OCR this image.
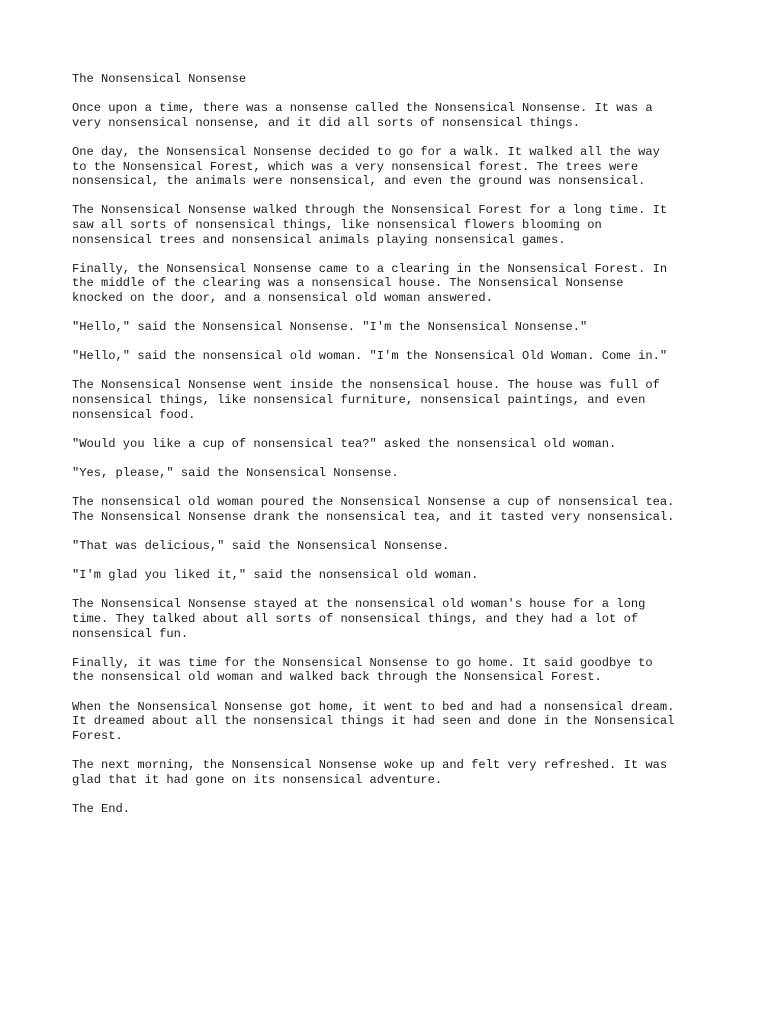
The Nonsensical Nonsense
Once upon a time, there was a nonsense called the Nonsensical Nonsense. It was a
very nonsensical nonsense, and it did all sorts of nonsensical things.
One day, the Nonsensical Nonsense decided to go for a walk. It walked all the way
to the Nonsensical Forest, which was a very nonsensical forest. The trees were
nonsensical, the animals were nonsensical, and even the ground was nonsensical.
The Nonsensical Nonsense walked through the Nonsensical Forest for a long time. It
saw all sorts of nonsensical things, like nonsensical flowers blooming on
nonsensical trees and nonsensical animals playing nonsensical games.
Finally, the Nonsensical Nonsense came to a clearing in the Nonsensical Forest. In
the middle of the clearing was a nonsensical house. The Nonsensical Nonsense
knocked on the door, and a nonsensical old woman answered.
"Hello," said the Nonsensical Nonsense. "I'm the Nonsensical Nonsense."
"Hello," said the nonsensical old woman. "I'm the Nonsensical Old Woman. Come in."
The Nonsensical Nonsense went inside the nonsensical house. The house was full of
nonsensical things, like nonsensical furniture, nonsensical paintings, and even
nonsensical food.
"Would you like a cup of nonsensical tea?" asked the nonsensical old woman.
"Yes, please," said the Nonsensical Nonsense.
The nonsensical old woman poured the Nonsensical Nonsense a cup of nonsensical tea.
The Nonsensical Nonsense drank the nonsensical tea, and it tasted very nonsensical.
"That was delicious," said the Nonsensical Nonsense.
"I'm glad you liked it," said the nonsensical old woman.
The Nonsensical Nonsense stayed at the nonsensical old woman's house for a long
time. They talked about all sorts of nonsensical things, and they had a lot of
nonsensical fun.
Finally, it was time for the Nonsensical Nonsense to go home. It said goodbye to
the nonsensical old woman and walked back through the Nonsensical Forest.
When the Nonsensical Nonsense got home, it went to bed and had a nonsensical dream.
It dreamed about all the nonsensical things it had seen and done in the Nonsensical
Forest.
The next morning, the Nonsensical Nonsense woke up and felt very refreshed. It was
glad that it had gone on its nonsensical adventure.
The End.
